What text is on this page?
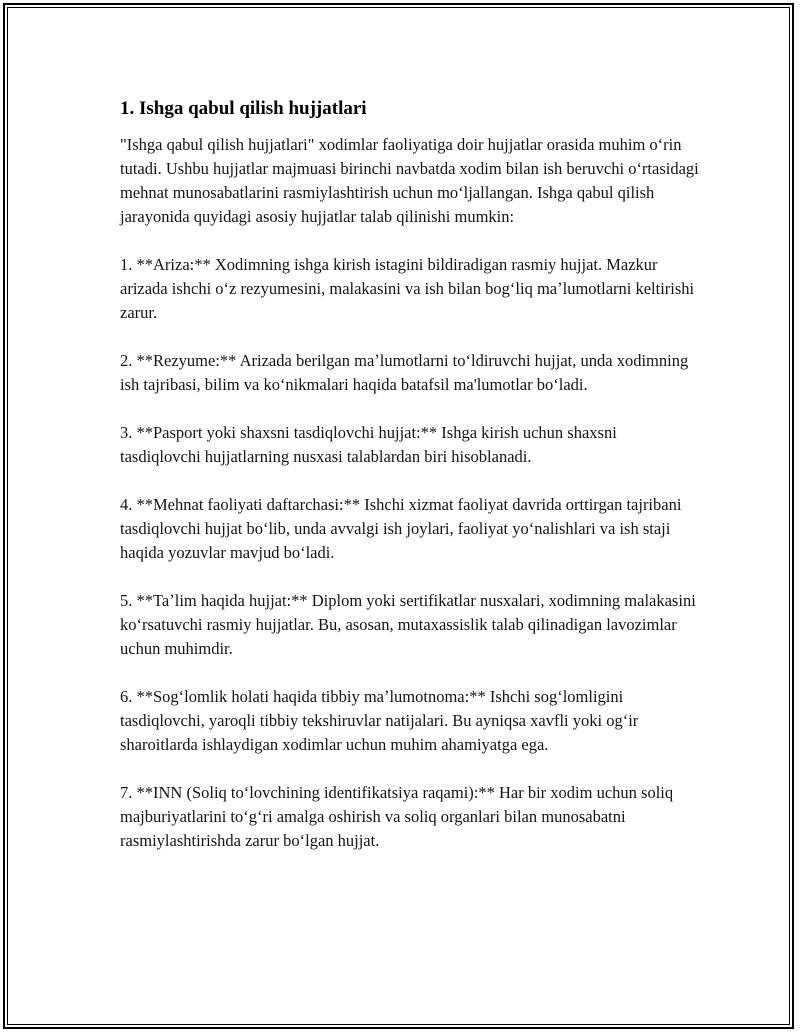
1. Ishga qabul qilish hujjatlari

"Ishga qabul qilish hujjatlari" xodimlar faoliyatiga doir hujjatlar orasida muhim oʻrin tutadi. Ushbu hujjatlar majmuasi birinchi navbatda xodim bilan ish beruvchi oʻrtasidagi mehnat munosabatlarini rasmiylashtirish uchun moʻljallangan. Ishga qabul qilish jarayonida quyidagi asosiy hujjatlar talab qilinishi mumkin:

1. **Ariza:** Xodimning ishga kirish istagini bildiradigan rasmiy hujjat. Mazkur arizada ishchi oʻz rezyumesini, malakasini va ish bilan bogʻliq maʼlumotlarni keltirishi zarur.

2. **Rezyume:** Arizada berilgan maʼlumotlarni toʻldiruvchi hujjat, unda xodimning ish tajribasi, bilim va koʻnikmalari haqida batafsil ma'lumotlar boʻladi.

3. **Pasport yoki shaxsni tasdiqlovchi hujjat:** Ishga kirish uchun shaxsni tasdiqlovchi hujjatlarning nusxasi talablardan biri hisoblanadi.

4. **Mehnat faoliyati daftarchasi:** Ishchi xizmat faoliyat davrida orttirgan tajribani tasdiqlovchi hujjat boʻlib, unda avvalgi ish joylari, faoliyat yoʻnalishlari va ish staji haqida yozuvlar mavjud boʻladi.

5. **Taʼlim haqida hujjat:** Diplom yoki sertifikatlar nusxalari, xodimning malakasini koʻrsatuvchi rasmiy hujjatlar. Bu, asosan, mutaxassislik talab qilinadigan lavozimlar uchun muhimdir.

6. **Sogʻlomlik holati haqida tibbiy maʼlumotnoma:** Ishchi sogʻlomligini tasdiqlovchi, yaroqli tibbiy tekshiruvlar natijalari. Bu ayniqsa xavfli yoki ogʻir sharoitlarda ishlaydigan xodimlar uchun muhim ahamiyatga ega.

7. **INN (Soliq toʻlovchining identifikatsiya raqami):** Har bir xodim uchun soliq majburiyatlarini toʻgʻri amalga oshirish va soliq organlari bilan munosabatni rasmiylashtirishda zarur boʻlgan hujjat.
